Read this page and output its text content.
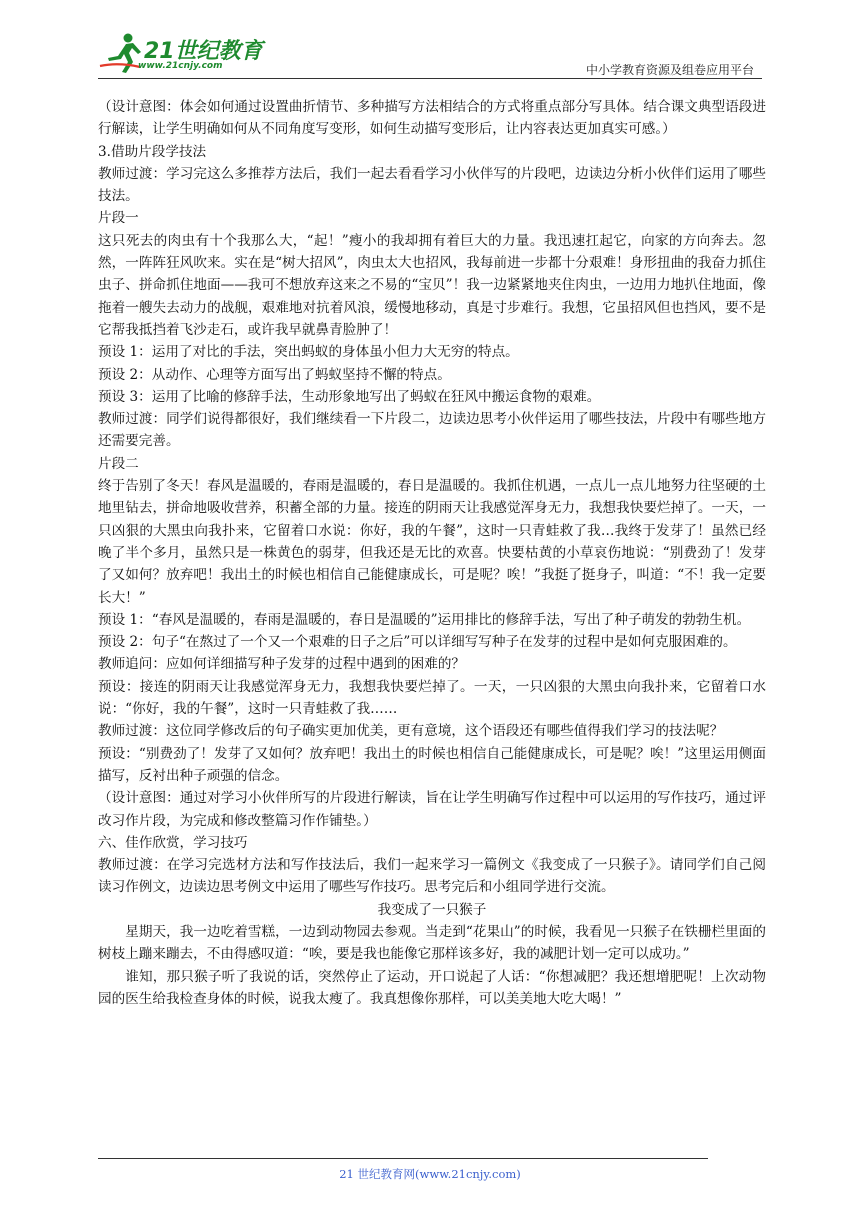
21世纪教育
www.21cnjy.com	中小学教育资源及组卷应用平台

（设计意图：体会如何通过设置曲折情节、多种描写方法相结合的方式将重点部分写具体。结合课文典型语段进行解读，让学生明确如何从不同角度写变形，如何生动描写变形后，让内容表达更加真实可感。）

3.借助片段学技法

教师过渡：学习完这么多推荐方法后，我们一起去看看学习小伙伴写的片段吧，边读边分析小伙伴们运用了哪些技法。

片段一

这只死去的肉虫有十个我那么大，“起！”瘦小的我却拥有着巨大的力量。我迅速扛起它，向家的方向奔去。忽然，一阵阵狂风吹来。实在是“树大招风”，肉虫太大也招风，我每前进一步都十分艰难！身形扭曲的我奋力抓住虫子、拼命抓住地面——我可不想放弃这来之不易的“宝贝”！我一边紧紧地夹住肉虫，一边用力地扒住地面，像拖着一艘失去动力的战舰，艰难地对抗着风浪，缓慢地移动，真是寸步难行。我想，它虽招风但也挡风，要不是它帮我抵挡着飞沙走石，或许我早就鼻青脸肿了！

预设 1：运用了对比的手法，突出蚂蚁的身体虽小但力大无穷的特点。

预设 2：从动作、心理等方面写出了蚂蚁坚持不懈的特点。

预设 3：运用了比喻的修辞手法，生动形象地写出了蚂蚁在狂风中搬运食物的艰难。

教师过渡：同学们说得都很好，我们继续看一下片段二，边读边思考小伙伴运用了哪些技法，片段中有哪些地方还需要完善。

片段二

终于告别了冬天！春风是温暖的，春雨是温暖的，春日是温暖的。我抓住机遇，一点儿一点儿地努力往坚硬的土地里钻去，拼命地吸收营养，积蓄全部的力量。接连的阴雨天让我感觉浑身无力，我想我快要烂掉了。一天，一只凶狠的大黑虫向我扑来，它留着口水说：你好，我的午餐”，这时一只青蛙救了我…我终于发芽了！虽然已经晚了半个多月，虽然只是一株黄色的弱芽，但我还是无比的欢喜。快要枯黄的小草哀伤地说：“别费劲了！发芽了又如何？放弃吧！我出土的时候也相信自己能健康成长，可是呢？唉！”我挺了挺身子，叫道：“不！我一定要长大！”

预设 1：“春风是温暖的，春雨是温暖的，春日是温暖的”运用排比的修辞手法，写出了种子萌发的勃勃生机。

预设 2：句子“在熬过了一个又一个艰难的日子之后”可以详细写写种子在发芽的过程中是如何克服困难的。

教师追问：应如何详细描写种子发芽的过程中遇到的困难的？

预设：接连的阴雨天让我感觉浑身无力，我想我快要烂掉了。一天，一只凶狠的大黑虫向我扑来，它留着口水说：“你好，我的午餐”，这时一只青蛙救了我……

教师过渡：这位同学修改后的句子确实更加优美，更有意境，这个语段还有哪些值得我们学习的技法呢？

预设：“别费劲了！发芽了又如何？放弃吧！我出土的时候也相信自己能健康成长，可是呢？唉！”这里运用侧面描写，反衬出种子顽强的信念。

（设计意图：通过对学习小伙伴所写的片段进行解读，旨在让学生明确写作过程中可以运用的写作技巧，通过评改习作片段，为完成和修改整篇习作作铺垫。）

六、佳作欣赏，学习技巧

教师过渡：在学习完选材方法和写作技法后，我们一起来学习一篇例文《我变成了一只猴子》。请同学们自己阅读习作例文，边读边思考例文中运用了哪些写作技巧。思考完后和小组同学进行交流。

我变成了一只猴子

星期天，我一边吃着雪糕，一边到动物园去参观。当走到“花果山”的时候，我看见一只猴子在铁栅栏里面的树枝上蹦来蹦去，不由得感叹道：“唉，要是我也能像它那样该多好，我的减肥计划一定可以成功。”

谁知，那只猴子听了我说的话，突然停止了运动，开口说起了人话：“你想减肥？我还想增肥呢！上次动物园的医生给我检查身体的时候，说我太瘦了。我真想像你那样，可以美美地大吃大喝！”

21 世纪教育网(www.21cnjy.com)
